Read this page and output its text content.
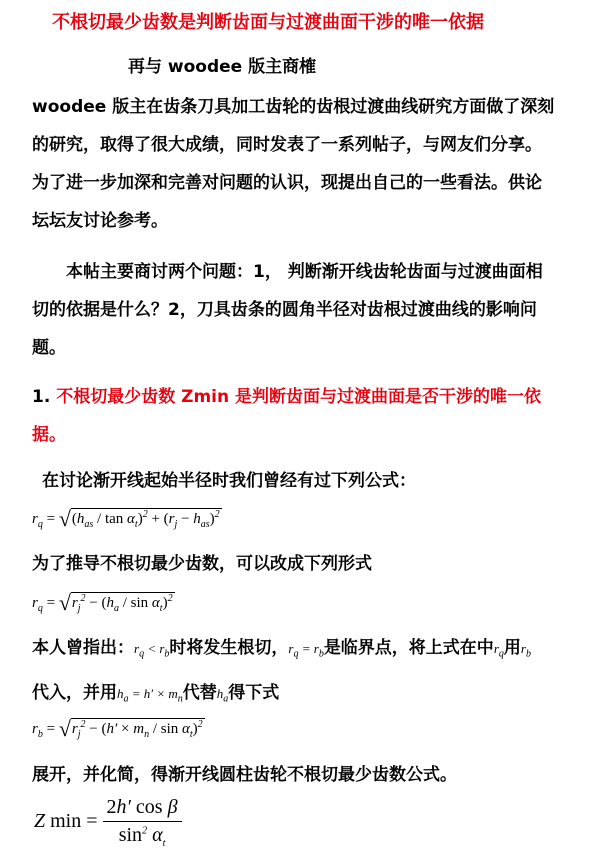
不根切最少齿数是判断齿面与过渡曲面干涉的唯一依据
再与 woodee 版主商榷
woodee 版主在齿条刀具加工齿轮的齿根过渡曲线研究方面做了深刻
的研究，取得了很大成绩，同时发表了一系列帖子，与网友们分享。
为了进一步加深和完善对问题的认识，现提出自己的一些看法。供论
坛坛友讨论参考。
本帖主要商讨两个问题：1， 判断渐开线齿轮齿面与过渡曲面相
切的依据是什么？2，刀具齿条的圆角半径对齿根过渡曲线的影响问
题。
1. 不根切最少齿数 Zmin 是判断齿面与过渡曲面是否干涉的唯一依
据。
在讨论渐开线起始半径时我们曾经有过下列公式：
$r_q = √(h_{as} / \tan \alpha_t)^2 + (r_j - h_{as})^2$
为了推导不根切最少齿数，可以改成下列形式
$r_q = √r_j^2 - (h_a / \sin \alpha_t)^2$
本人曾指出：$r_q < r_b$时将发生根切，$r_q = r_b$是临界点，将上式在中$r_q$用$r_b$
代入，并用$h_a = h' \times m_n$代替$h_a$得下式
$r_b = √r_j^2 - (h' \times m_n / \sin \alpha_t)^2$
展开，并化简，得渐开线圆柱齿轮不根切最少齿数公式。
Z $\min = \frac{\text{2h′ cos β}}{\sin^2 \alpha_t}$
